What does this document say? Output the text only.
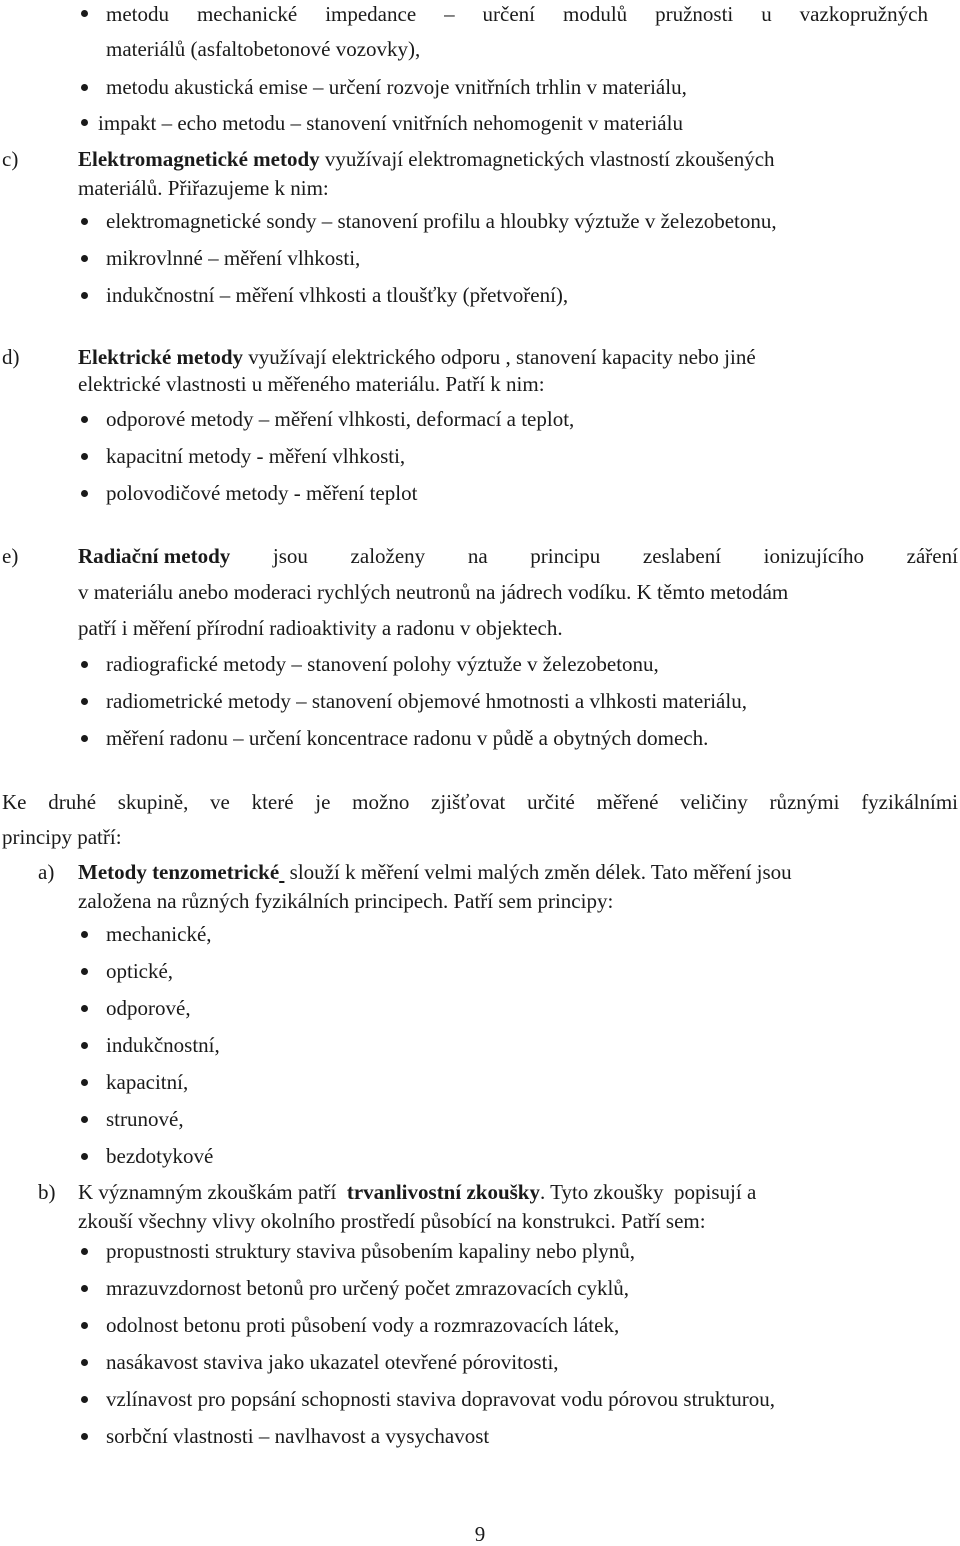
metodu mechanické impedance – určení modulů pružnosti u vazkopružných
materiálů (asfaltobetonové vozovky),
metodu akustická emise – určení rozvoje vnitřních trhlin v materiálu,
impakt – echo metodu – stanovení vnitřních nehomogenit v materiálu
c)	Elektromagnetické metody využívají elektromagnetických vlastností zkoušených
materiálů. Přiřazujeme k nim:
elektromagnetické sondy – stanovení profilu a hloubky výztuže v železobetonu,
mikrovlnné – měření vlhkosti,
indukčnostní – měření vlhkosti a tloušťky (přetvoření),
d)	Elektrické metody využívají elektrického odporu , stanovení kapacity nebo jiné
elektrické vlastnosti u měřeného materiálu. Patří k nim:
odporové metody – měření vlhkosti, deformací a teplot,
kapacitní metody - měření vlhkosti,
polovodičové metody - měření teplot
e)	Radiační metody jsou založeny na principu zeslabení ionizujícího záření
v materiálu anebo moderaci rychlých neutronů na jádrech vodíku. K těmto metodám
patří i měření přírodní radioaktivity a radonu v objektech.
radiografické metody – stanovení polohy výztuže v železobetonu,
radiometrické metody – stanovení objemové hmotnosti a vlhkosti materiálu,
měření radonu – určení koncentrace radonu v půdě a obytných domech.
Ke druhé skupině, ve které je možno zjišťovat určité měřené veličiny různými fyzikálními
principy patří:
a) Metody tenzometrické slouží k měření velmi malých změn délek. Tato měření jsou
založena na různých fyzikálních principech. Patří sem principy:
mechanické,
optické,
odporové,
indukčnostní,
kapacitní,
strunové,
bezdotykové
b) K významným zkouškám patří trvanlivostní zkoušky. Tyto zkoušky  popisují a
zkouší všechny vlivy okolního prostředí působící na konstrukci. Patří sem:
propustnosti struktury staviva působením kapaliny nebo plynů,
mrazuvzdornost betonů pro určený počet zmrazovacích cyklů,
odolnost betonu proti působení vody a rozmrazovacích látek,
nasákavost staviva jako ukazatel otevřené pórovitosti,
vzlínavost pro popsání schopnosti staviva dopravovat vodu pórovou strukturou,
sorbční vlastnosti – navlhavost a vysychavost
9
